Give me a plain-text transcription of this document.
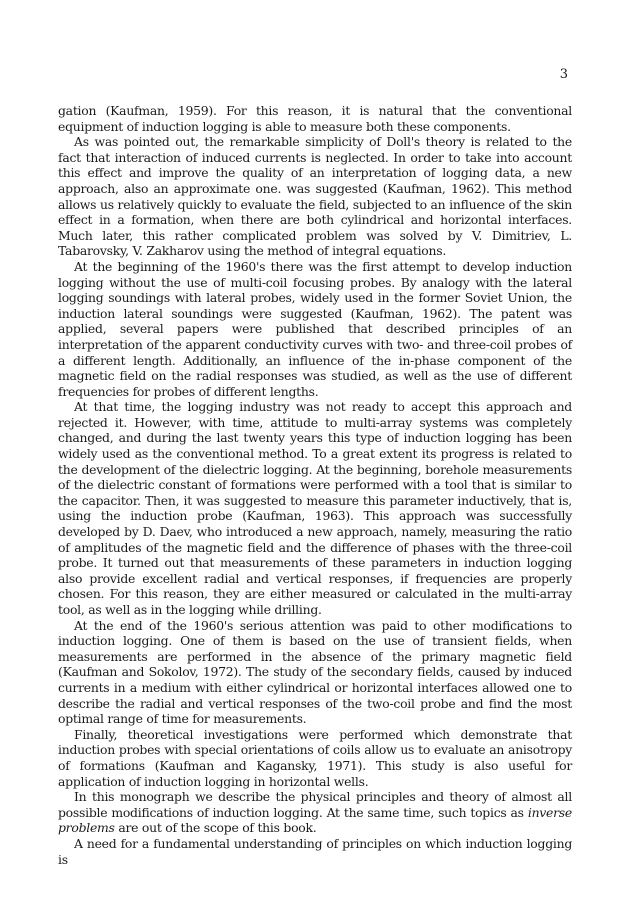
3

gation (Kaufman, 1959). For this reason, it is natural that the conventional equipment of induction logging is able to measure both these components.

As was pointed out, the remarkable simplicity of Doll's theory is related to the fact that interaction of induced currents is neglected. In order to take into account this effect and improve the quality of an interpretation of logging data, a new approach, also an approximate one. was suggested (Kaufman, 1962). This method allows us relatively quickly to evaluate the field, subjected to an influence of the skin effect in a formation, when there are both cylindrical and horizontal interfaces. Much later, this rather complicated problem was solved by V. Dimitriev, L. Tabarovsky, V. Zakharov using the method of integral equations.

At the beginning of the 1960's there was the first attempt to develop induction logging without the use of multi-coil focusing probes. By analogy with the lateral logging soundings with lateral probes, widely used in the former Soviet Union, the induction lateral soundings were suggested (Kaufman, 1962). The patent was applied, several papers were published that described principles of an interpretation of the apparent conductivity curves with two- and three-coil probes of a different length. Additionally, an influence of the in-phase component of the magnetic field on the radial responses was studied, as well as the use of different frequencies for probes of different lengths.

At that time, the logging industry was not ready to accept this approach and rejected it. However, with time, attitude to multi-array systems was completely changed, and during the last twenty years this type of induction logging has been widely used as the conventional method. To a great extent its progress is related to the development of the dielectric logging. At the beginning, borehole measurements of the dielectric constant of formations were performed with a tool that is similar to the capacitor. Then, it was suggested to measure this parameter inductively, that is, using the induction probe (Kaufman, 1963). This approach was successfully developed by D. Daev, who introduced a new approach, namely, measuring the ratio of amplitudes of the magnetic field and the difference of phases with the three-coil probe. It turned out that measurements of these parameters in induction logging also provide excellent radial and vertical responses, if frequencies are properly chosen. For this reason, they are either measured or calculated in the multi-array tool, as well as in the logging while drilling.

At the end of the 1960's serious attention was paid to other modifications to induction logging. One of them is based on the use of transient fields, when measurements are performed in the absence of the primary magnetic field (Kaufman and Sokolov, 1972). The study of the secondary fields, caused by induced currents in a medium with either cylindrical or horizontal interfaces allowed one to describe the radial and vertical responses of the two-coil probe and find the most optimal range of time for measurements.

Finally, theoretical investigations were performed which demonstrate that induction probes with special orientations of coils allow us to evaluate an anisotropy of formations (Kaufman and Kagansky, 1971). This study is also useful for application of induction logging in horizontal wells.

In this monograph we describe the physical principles and theory of almost all possible modifications of induction logging. At the same time, such topics as inverse problems are out of the scope of this book.

A need for a fundamental understanding of principles on which induction logging is
